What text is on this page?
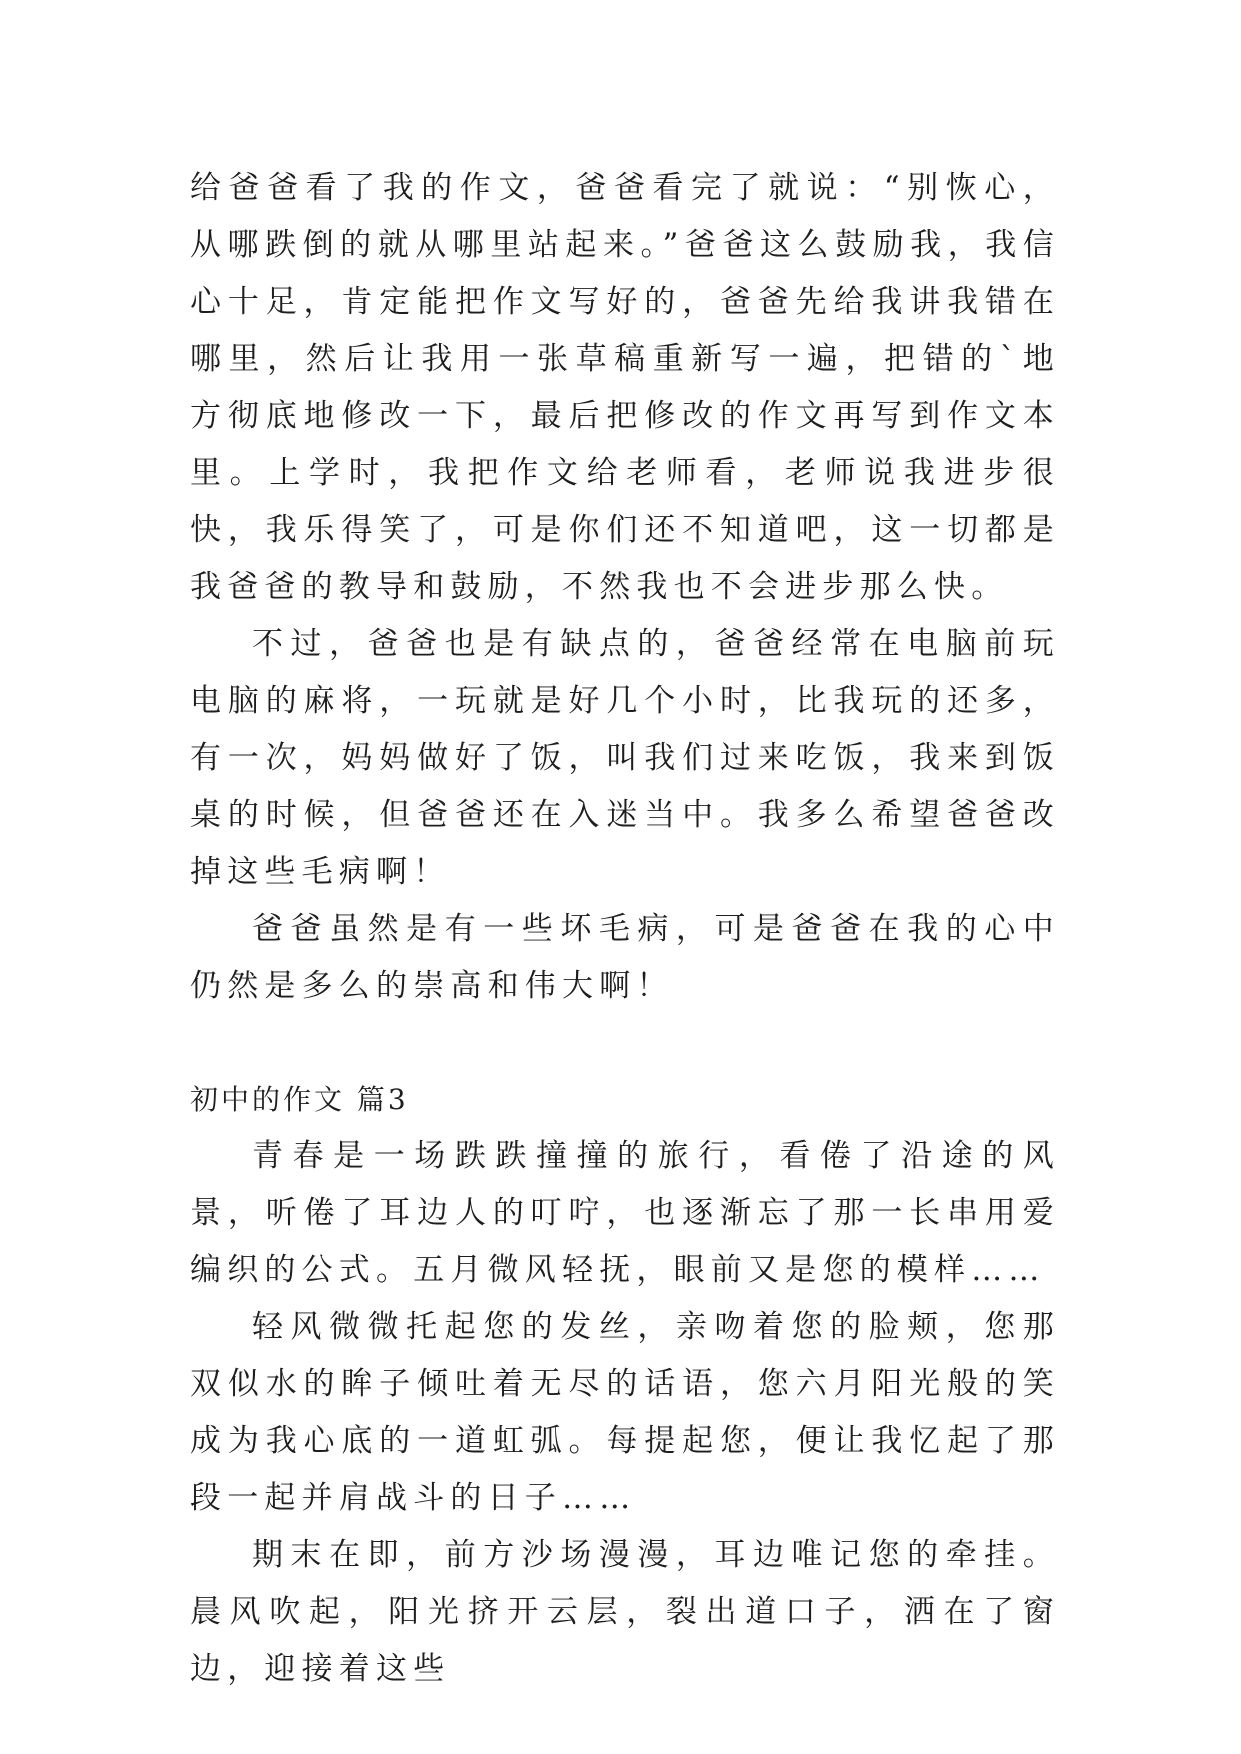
给爸爸看了我的作文，爸爸看完了就说：“别恢心，从哪跌倒的就从哪里站起来。”爸爸这么鼓励我，我信心十足，肯定能把作文写好的，爸爸先给我讲我错在哪里，然后让我用一张草稿重新写一遍，把错的`地方彻底地修改一下，最后把修改的作文再写到作文本里。上学时，我把作文给老师看，老师说我进步很快，我乐得笑了，可是你们还不知道吧，这一切都是我爸爸的教导和鼓励，不然我也不会进步那么快。

不过，爸爸也是有缺点的，爸爸经常在电脑前玩电脑的麻将，一玩就是好几个小时，比我玩的还多，有一次，妈妈做好了饭，叫我们过来吃饭，我来到饭桌的时候，但爸爸还在入迷当中。我多么希望爸爸改掉这些毛病啊！

爸爸虽然是有一些坏毛病，可是爸爸在我的心中仍然是多么的崇高和伟大啊！

初中的作文 篇3

青春是一场跌跌撞撞的旅行，看倦了沿途的风景，听倦了耳边人的叮咛，也逐渐忘了那一长串用爱编织的公式。五月微风轻抚，眼前又是您的模样……

轻风微微托起您的发丝，亲吻着您的脸颊，您那双似水的眸子倾吐着无尽的话语，您六月阳光般的笑成为我心底的一道虹弧。每提起您，便让我忆起了那段一起并肩战斗的日子……

期末在即，前方沙场漫漫，耳边唯记您的牵挂。晨风吹起，阳光挤开云层，裂出道口子，洒在了窗边，迎接着这些
